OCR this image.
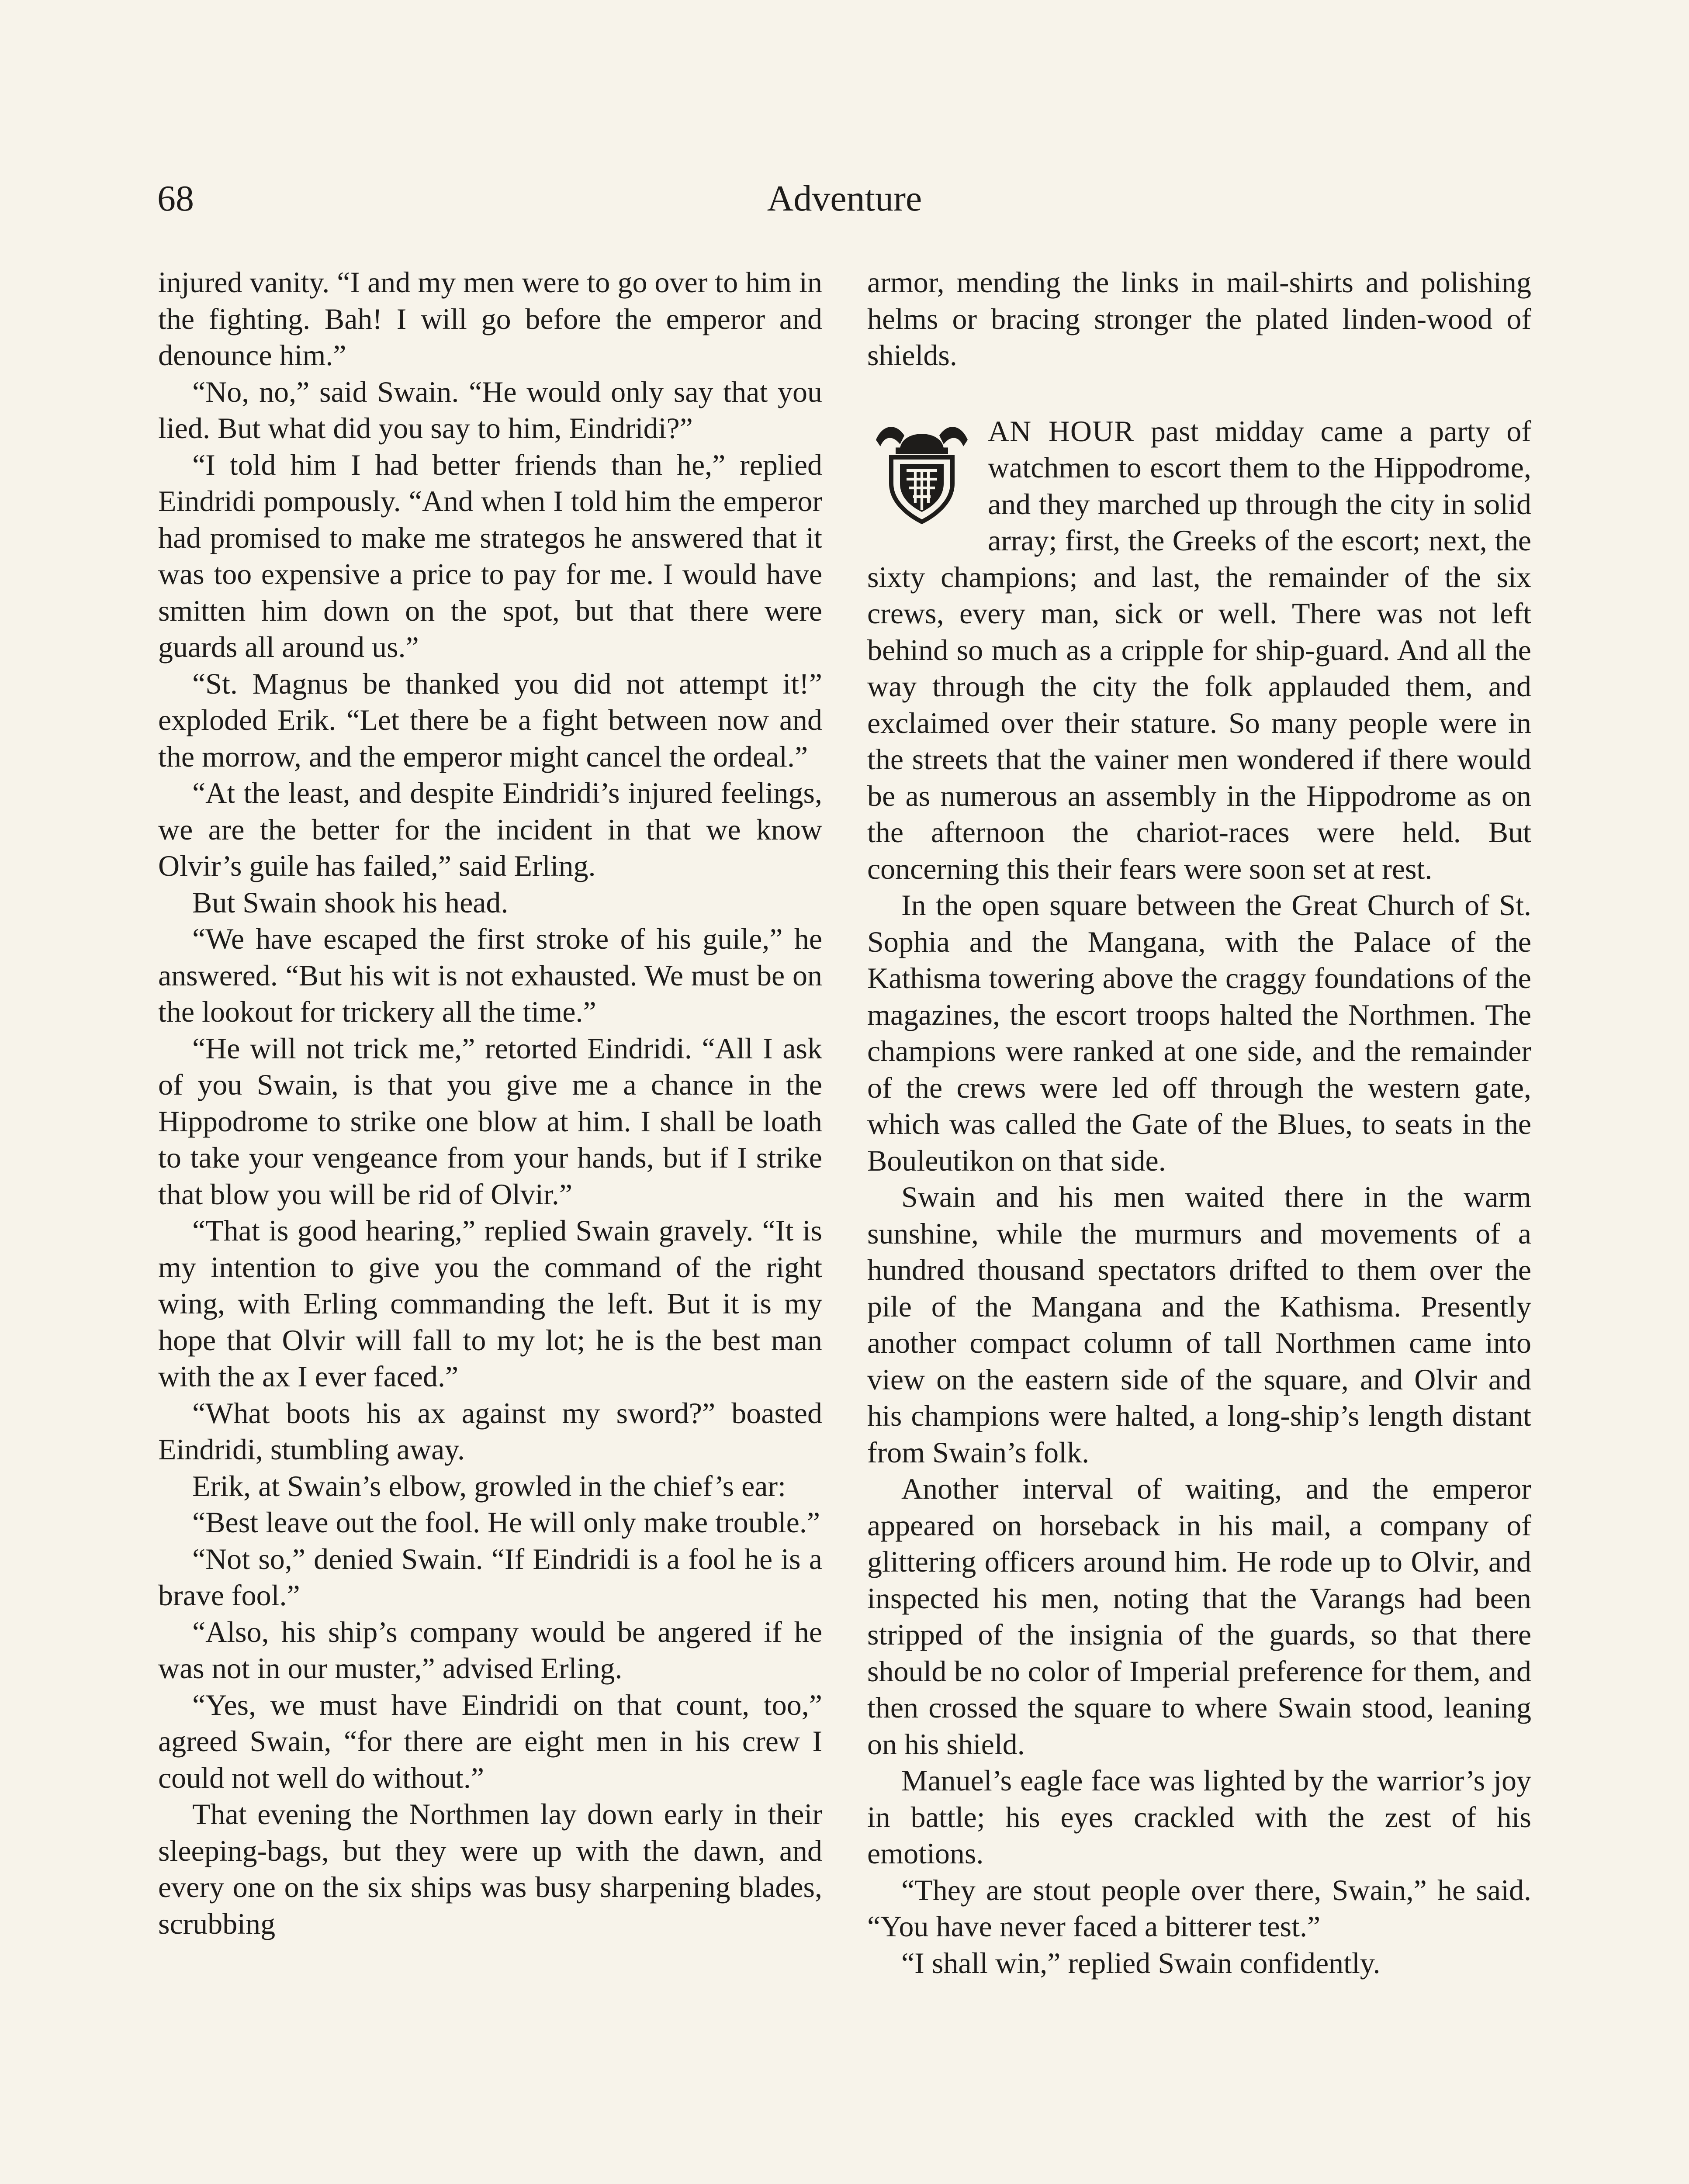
68	Adventure

injured vanity. “I and my men were to go over to him in the fighting. Bah! I will go before the emperor and denounce him.”

“No, no,” said Swain. “He would only say that you lied. But what did you say to him, Eindridi?”

“I told him I had better friends than he,” replied Eindridi pompously. “And when I told him the emperor had promised to make me strategos he answered that it was too expensive a price to pay for me. I would have smitten him down on the spot, but that there were guards all around us.”

“St. Magnus be thanked you did not attempt it!” exploded Erik. “Let there be a fight between now and the morrow, and the emperor might cancel the ordeal.”

“At the least, and despite Eindridi’s injured feelings, we are the better for the incident in that we know Olvir’s guile has failed,” said Erling.

But Swain shook his head.

“We have escaped the first stroke of his guile,” he answered. “But his wit is not exhausted. We must be on the lookout for trickery all the time.”

“He will not trick me,” retorted Eindridi. “All I ask of you Swain, is that you give me a chance in the Hippodrome to strike one blow at him. I shall be loath to take your vengeance from your hands, but if I strike that blow you will be rid of Olvir.”

“That is good hearing,” replied Swain gravely. “It is my intention to give you the command of the right wing, with Erling commanding the left. But it is my hope that Olvir will fall to my lot; he is the best man with the ax I ever faced.”

“What boots his ax against my sword?” boasted Eindridi, stumbling away.

Erik, at Swain’s elbow, growled in the chief’s ear:

“Best leave out the fool. He will only make trouble.”

“Not so,” denied Swain. “If Eindridi is a fool he is a brave fool.”

“Also, his ship’s company would be angered if he was not in our muster,” advised Erling.

“Yes, we must have Eindridi on that count, too,” agreed Swain, “for there are eight men in his crew I could not well do without.”

That evening the Northmen lay down early in their sleeping-bags, but they were up with the dawn, and every one on the six ships was busy sharpening blades, scrubbing

armor, mending the links in mail-shirts and polishing helms or bracing stronger the plated linden-wood of shields.

AN HOUR past midday came a party of watchmen to escort them to the Hippodrome, and they marched up through the city in solid array; first, the Greeks of the escort; next, the sixty champions; and last, the remainder of the six crews, every man, sick or well. There was not left behind so much as a cripple for ship-guard. And all the way through the city the folk applauded them, and exclaimed over their stature. So many people were in the streets that the vainer men wondered if there would be as numerous an assembly in the Hippodrome as on the afternoon the chariot-races were held. But concerning this their fears were soon set at rest.

In the open square between the Great Church of St. Sophia and the Mangana, with the Palace of the Kathisma towering above the craggy foundations of the magazines, the escort troops halted the Northmen. The champions were ranked at one side, and the remainder of the crews were led off through the western gate, which was called the Gate of the Blues, to seats in the Bouleutikon on that side.

Swain and his men waited there in the warm sunshine, while the murmurs and movements of a hundred thousand spectators drifted to them over the pile of the Mangana and the Kathisma. Presently another compact column of tall Northmen came into view on the eastern side of the square, and Olvir and his champions were halted, a long-ship’s length distant from Swain’s folk.

Another interval of waiting, and the emperor appeared on horseback in his mail, a company of glittering officers around him. He rode up to Olvir, and inspected his men, noting that the Varangs had been stripped of the insignia of the guards, so that there should be no color of Imperial preference for them, and then crossed the square to where Swain stood, leaning on his shield.

Manuel’s eagle face was lighted by the warrior’s joy in battle; his eyes crackled with the zest of his emotions.

“They are stout people over there, Swain,” he said. “You have never faced a bitterer test.”

“I shall win,” replied Swain confidently.
